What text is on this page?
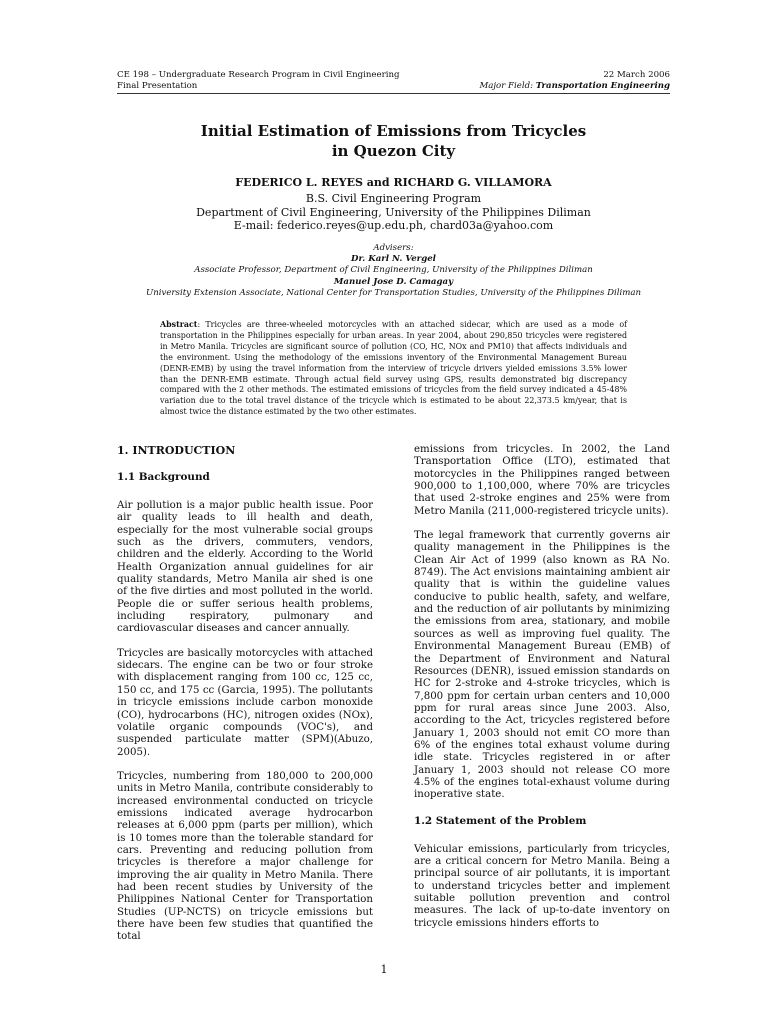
CE 198 – Undergraduate Research Program in Civil Engineering	22 March 2006
Final Presentation	Major Field: Transportation Engineering
Initial Estimation of Emissions from Tricycles
in Quezon City
FEDERICO L. REYES and RICHARD G. VILLAMORA
B.S. Civil Engineering Program
Department of Civil Engineering, University of the Philippines Diliman
E-mail: federico.reyes@up.edu.ph, chard03a@yahoo.com
Advisers:
Dr. Karl N. Vergel
Associate Professor, Department of Civil Engineering, University of the Philippines Diliman
Manuel Jose D. Camagay
University Extension Associate, National Center for Transportation Studies, University of the Philippines Diliman
Abstract: Tricycles are three-wheeled motorcycles with an attached sidecar, which are used as a mode of transportation in the Philippines especially for urban areas. In year 2004, about 290,850 tricycles were registered in Metro Manila. Tricycles are significant source of pollution (CO, HC, NOx and PM10) that affects individuals and the environment. Using the methodology of the emissions inventory of the Environmental Management Bureau (DENR-EMB) by using the travel information from the interview of tricycle drivers yielded emissions 3.5% lower than the DENR-EMB estimate. Through actual field survey using GPS, results demonstrated big discrepancy compared with the 2 other methods. The estimated emissions of tricycles from the field survey indicated a 45-48% variation due to the total travel distance of the tricycle which is estimated to be about 22,373.5 km/year, that is almost twice the distance estimated by the two other estimates.
1. INTRODUCTION
1.1 Background

Air pollution is a major public health issue. Poor air quality leads to ill health and death, especially for the most vulnerable social groups such as the drivers, commuters, vendors, children and the elderly. According to the World Health Organization annual guidelines for air quality standards, Metro Manila air shed is one of the five dirties and most polluted in the world. People die or suffer serious health problems, including respiratory, pulmonary and cardiovascular diseases and cancer annually.

Tricycles are basically motorcycles with attached sidecars. The engine can be two or four stroke with displacement ranging from 100 cc, 125 cc, 150 cc, and 175 cc (Garcia, 1995). The pollutants in tricycle emissions include carbon monoxide (CO), hydrocarbons (HC), nitrogen oxides (NOx), volatile organic compounds (VOC's), and suspended particulate matter (SPM)(Abuzo, 2005).

Tricycles, numbering from 180,000 to 200,000 units in Metro Manila, contribute considerably to increased environmental conducted on tricycle emissions indicated average hydrocarbon releases at 6,000 ppm (parts per million), which is 10 tomes more than the tolerable standard for cars. Preventing and reducing pollution from tricycles is therefore a major challenge for improving the air quality in Metro Manila. There had been recent studies by University of the Philippines National Center for Transportation Studies (UP-NCTS) on tricycle emissions but there have been few studies that quantified the total

emissions from tricycles. In 2002, the Land Transportation Office (LTO), estimated that motorcycles in the Philippines ranged between 900,000 to 1,100,000, where 70% are tricycles that used 2-stroke engines and 25% were from Metro Manila (211,000-registered tricycle units).

The legal framework that currently governs air quality management in the Philippines is the Clean Air Act of 1999 (also known as RA No. 8749). The Act envisions maintaining ambient air quality that is within the guideline values conducive to public health, safety, and welfare, and the reduction of air pollutants by minimizing the emissions from area, stationary, and mobile sources as well as improving fuel quality. The Environmental Management Bureau (EMB) of the Department of Environment and Natural Resources (DENR), issued emission standards on HC for 2-stroke and 4-stroke tricycles, which is 7,800 ppm for certain urban centers and 10,000 ppm for rural areas since June 2003. Also, according to the Act, tricycles registered before January 1, 2003 should not emit CO more than 6% of the engines total exhaust volume during idle state. Tricycles registered in or after January 1, 2003 should not release CO more 4.5% of the engines total-exhaust volume during inoperative state.

1.2 Statement of the Problem

Vehicular emissions, particularly from tricycles, are a critical concern for Metro Manila. Being a principal source of air pollutants, it is important to understand tricycles better and implement suitable pollution prevention and control measures. The lack of up-to-date inventory on tricycle emissions hinders efforts to

1
